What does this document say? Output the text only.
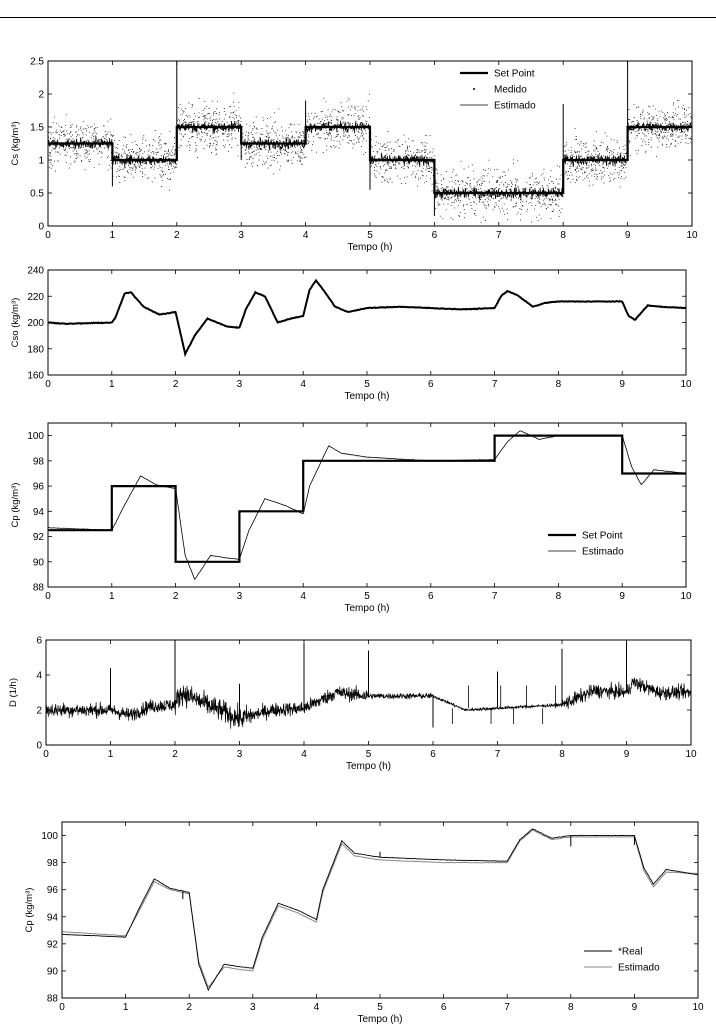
0	1	2	3	4	5	6	7	8	9	10
0
0.5
1
1.5
2
2.5
Tempo (h)
Cs (kg/m³)
Set Point
Medido
Estimado
0	1	2	3	4	5	6	7	8	9	10
160
180
200
220
240
Tempo (h)
Cso (kg/m³)
0	1	2	3	4	5	6	7	8	9	10
88
90
92
94
96
98
100
Tempo (h)
Cp (kg/m³)
Set Point
Estimado
0	1	2	3	4	5	6	7	8	9	10
0
2
4
6
Tempo (h)
D (1/h)
0	1	2	3	4	5	6	7	8	9	10
88
90
92
94
96
98
100
Tempo (h)
Cp (kg/m³)
*Real
Estimado
